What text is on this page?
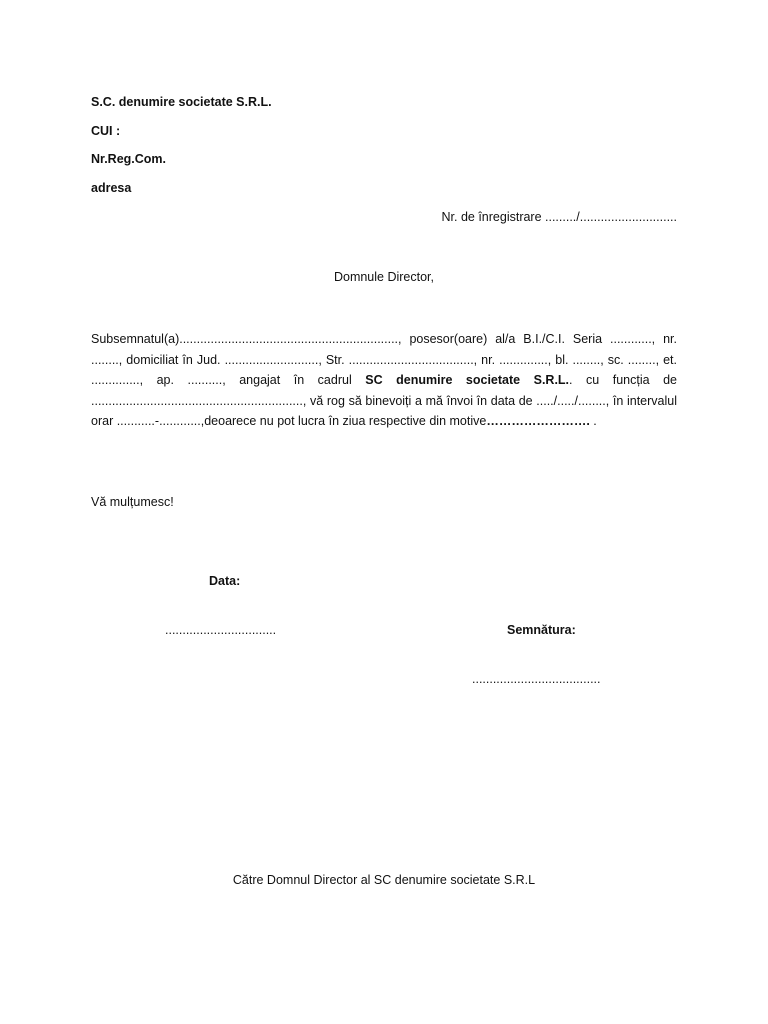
S.C. denumire societate S.R.L.
CUI :
Nr.Reg.Com.
adresa
Nr. de înregistrare ........./............................
Domnule Director,
Subsemnatul(a)..............................................................., posesor(oare) al/a B.I./C.I. Seria ............, nr. ........, domiciliat în Jud. ..........................., Str. ...................................., nr. .............., bl. ........, sc. ........, et. .............., ap. .........., angajat în cadrul SC denumire societate S.R.L.. cu funcția de ............................................................., vă rog să binevoiți a mă învoi în data de ...../...../........, în intervalul orar ...........-............,deoarece nu pot lucra în ziua respective din motive……………………. .
Vă mulțumesc!
Data:
................................	Semnătura:
.....................................
Către Domnul Director al SC denumire societate S.R.L
